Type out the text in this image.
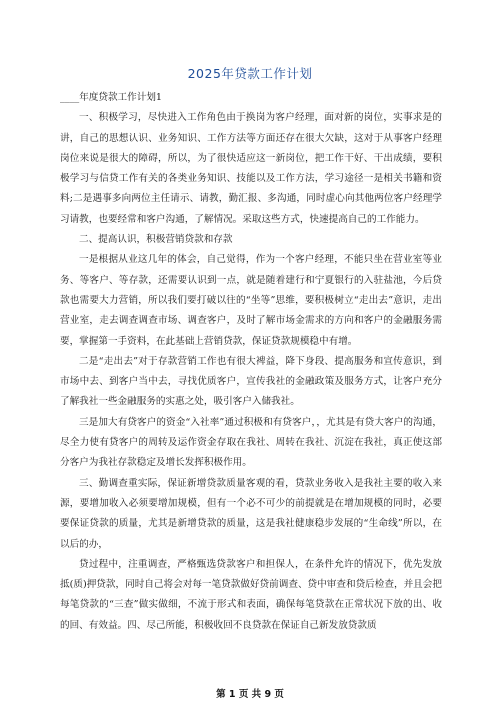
2025年贷款工作计划

____年度贷款工作计划1

一、积极学习，尽快进入工作角色由于换岗为客户经理，面对新的岗位，实事求是的讲，自己的思想认识、业务知识、工作方法等方面还存在很大欠缺，这对于从事客户经理岗位来说是很大的障碍，所以，为了很快适应这一新岗位，把工作干好、干出成绩，要积极学习与信贷工作有关的各类业务知识、技能以及工作方法，学习途径一是相关书籍和资料;二是遇事多向两位主任请示、请教，勤汇报、多沟通，同时虚心向其他两位客户经理学习请教，也要经常和客户沟通，了解情况。采取这些方式，快速提高自己的工作能力。

二、提高认识，积极营销贷款和存款

一是根据从业这几年的体会，自己觉得，作为一个客户经理，不能只坐在营业室等业务、等客户、等存款，还需要认识到一点，就是随着建行和宁夏银行的入驻盐池，今后贷款也需要大力营销，所以我们要打破以往的“坐等”思维，要积极树立“走出去”意识，走出营业室，走去调查调查市场、调查客户，及时了解市场金需求的方向和客户的金融服务需要，掌握第一手资料，在此基础上营销贷款，保证贷款规模稳中有增。

二是“走出去”对于存款营销工作也有很大裨益，降下身段、提高服务和宣传意识，到市场中去、到客户当中去，寻找优质客户，宣传我社的金融政策及服务方式，让客户充分了解我社一些金融服务的实惠之处，吸引客户入储我社。

三是加大有贷客户的资金“入社率”通过积极和有贷客户，，尤其是有贷大客户的沟通，尽全力使有贷客户的周转及运作资金存取在我社、周转在我社、沉淀在我社，真正使这部分客户为我社存款稳定及增长发挥积极作用。

三、勤调查重实际，保证新增贷款质量客观的看，贷款业务收入是我社主要的收入来源，要增加收入必须要增加规模，但有一个必不可少的前提就是在增加规模的同时，必要要保证贷款的质量，尤其是新增贷款的质量，这是我社健康稳步发展的“生命线”所以，在以后的办，

贷过程中，注重调查，严格甄选贷款客户和担保人，在条件允许的情况下，优先发放抵(质)押贷款，同时自己将会对每一笔贷款做好贷前调查、贷中审查和贷后检查，并且会把每笔贷款的“三查”做实做细，不流于形式和表面，确保每笔贷款在正常状况下放的出、收的回、有效益。四、尽己所能，积极收回不良贷款在保证自己新发放贷款质

第 1 页 共 9 页
